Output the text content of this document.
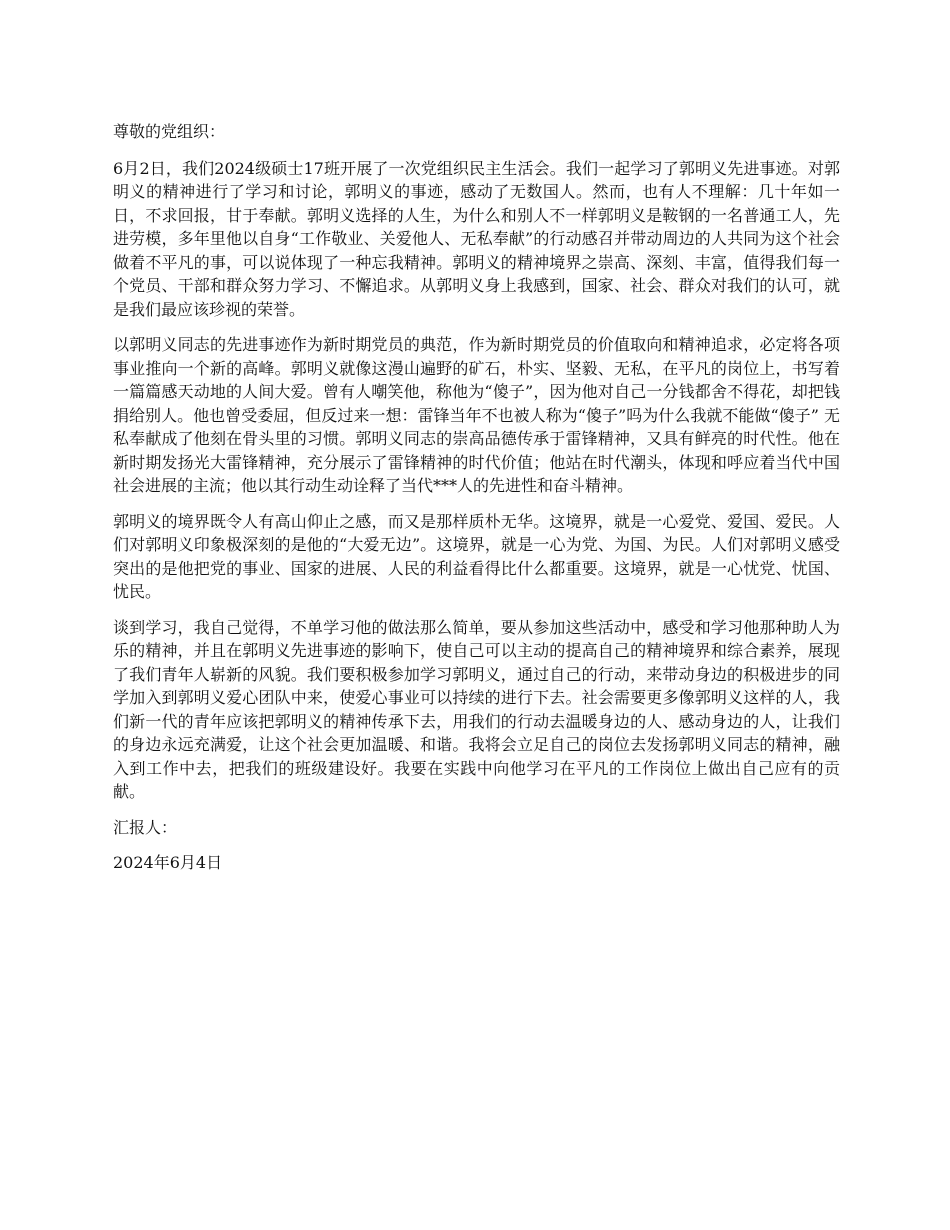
尊敬的党组织：

6月2日，我们2024级硕士17班开展了一次党组织民主生活会。我们一起学习了郭明义先进事迹。对郭明义的精神进行了学习和讨论，郭明义的事迹，感动了无数国人。然而，也有人不理解：几十年如一日，不求回报，甘于奉献。郭明义选择的人生，为什么和别人不一样郭明义是鞍钢的一名普通工人，先进劳模，多年里他以自身“工作敬业、关爱他人、无私奉献”的行动感召并带动周边的人共同为这个社会做着不平凡的事，可以说体现了一种忘我精神。郭明义的精神境界之崇高、深刻、丰富，值得我们每一个党员、干部和群众努力学习、不懈追求。从郭明义身上我感到，国家、社会、群众对我们的认可，就是我们最应该珍视的荣誉。

以郭明义同志的先进事迹作为新时期党员的典范，作为新时期党员的价值取向和精神追求，必定将各项事业推向一个新的高峰。郭明义就像这漫山遍野的矿石，朴实、坚毅、无私，在平凡的岗位上，书写着一篇篇感天动地的人间大爱。曾有人嘲笑他，称他为“傻子”，因为他对自己一分钱都舍不得花，却把钱捐给别人。他也曾受委屈，但反过来一想：雷锋当年不也被人称为“傻子”吗为什么我就不能做“傻子” 无私奉献成了他刻在骨头里的习惯。郭明义同志的崇高品德传承于雷锋精神，又具有鲜亮的时代性。他在新时期发扬光大雷锋精神，充分展示了雷锋精神的时代价值；他站在时代潮头，体现和呼应着当代中国社会进展的主流；他以其行动生动诠释了当代***人的先进性和奋斗精神。

郭明义的境界既令人有高山仰止之感，而又是那样质朴无华。这境界，就是一心爱党、爱国、爱民。人们对郭明义印象极深刻的是他的“大爱无边”。这境界，就是一心为党、为国、为民。人们对郭明义感受突出的是他把党的事业、国家的进展、人民的利益看得比什么都重要。这境界，就是一心忧党、忧国、忧民。

谈到学习，我自己觉得，不单学习他的做法那么简单，要从参加这些活动中，感受和学习他那种助人为乐的精神，并且在郭明义先进事迹的影响下，使自己可以主动的提高自己的精神境界和综合素养，展现了我们青年人崭新的风貌。我们要积极参加学习郭明义，通过自己的行动，来带动身边的积极进步的同学加入到郭明义爱心团队中来，使爱心事业可以持续的进行下去。社会需要更多像郭明义这样的人，我们新一代的青年应该把郭明义的精神传承下去，用我们的行动去温暖身边的人、感动身边的人，让我们的身边永远充满爱，让这个社会更加温暖、和谐。我将会立足自己的岗位去发扬郭明义同志的精神，融入到工作中去，把我们的班级建设好。我要在实践中向他学习在平凡的工作岗位上做出自己应有的贡献。

汇报人：

2024年6月4日
